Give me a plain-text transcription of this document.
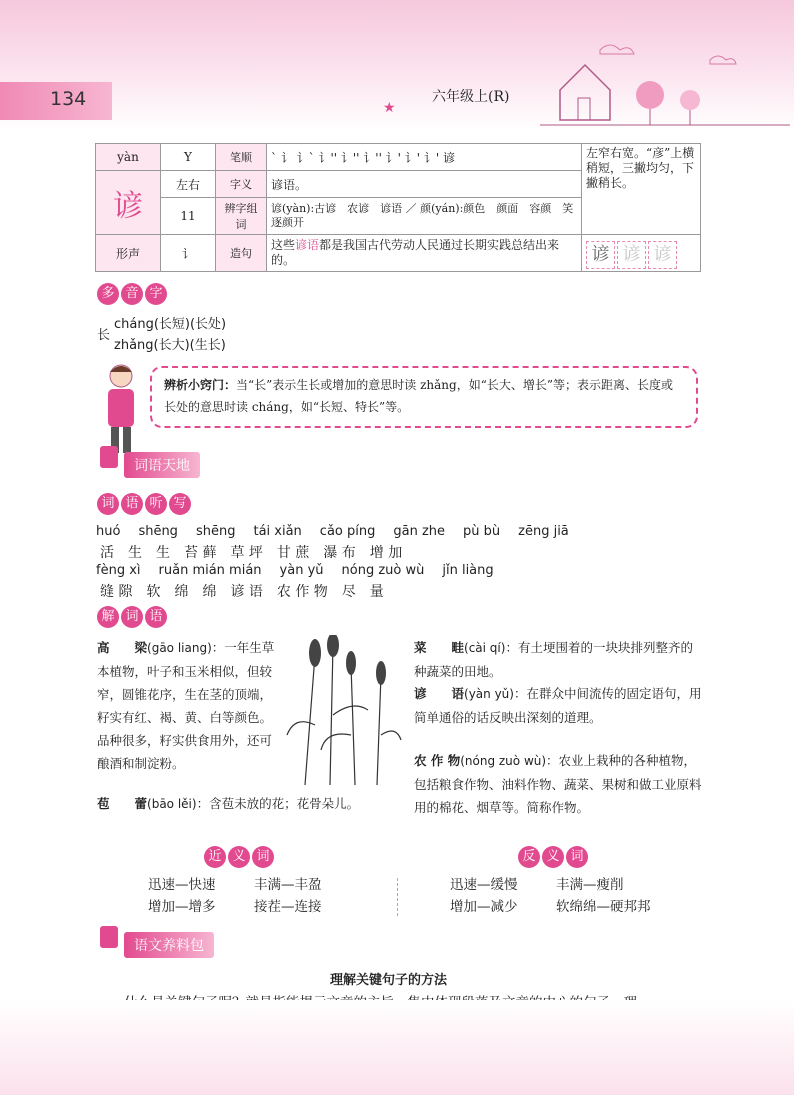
134	★
六年级上(R)
yàn	Y	笔顺	` 讠 讠` 讠'' 讠'' 讠'' 讠' 讠' 讠' 谚	左窄右宽。“彦”上横稍短，三撇均匀，下撇稍长。
谚	左右	字义	谚语。	
	11	辨字组词	谚(yàn):古谚　农谚　谚语 ／ 颜(yán):颜色　颜面　容颜　笑逐颜开	
形声	讠	造句	这些谚语都是我国古代劳动人民通过长期实践总结出来的。	谚 谚 谚
多 音 字
长
cháng(长短)(长处)
zhǎng(长大)(生长)
辨析小窍门：当“长”表示生长或增加的意思时读 zhǎng，如“长大、增长”等；表示距离、长度或长处的意思时读 cháng，如“长短、特长”等。
词语天地
词 语 听 写
huó shēng shēng tái xiǎn cǎo píng gān zhe pù bù zēng jiā
活　生　生　苔 藓　草 坪　甘 蔗　瀑 布　增 加
fèng xì ruǎn mián mián yàn yǔ nóng zuò wù jǐn liàng
缝 隙　软　绵　绵　谚 语　农 作 物　尽　量
解 词 语
高　　梁(gāo liang)：一年生草本植物，叶子和玉米相似，但较窄，圆锥花序，生在茎的顶端，籽实有红、褐、黄、白等颜色。品种很多，籽实供食用外，还可酿酒和制淀粉。
苞　　蕾(bāo lěi)：含苞未放的花；花骨朵儿。
菜　　畦(cài qí)：有土埂围着的一块块排列整齐的种蔬菜的田地。
谚　　语(yàn yǔ)：在群众中间流传的固定语句，用简单通俗的话反映出深刻的道理。
农 作 物(nóng zuò wù)：农业上栽种的各种植物，包括粮食作物、油料作物、蔬菜、果树和做工业原料用的棉花、烟草等。简称作物。
近 义 词
迅速—快速	丰满—丰盈
增加—增多	接茬—连接
反 义 词
迅速—缓慢	丰满—瘦削
增加—减少	软绵绵—硬邦邦
语文养料包
理解关键句子的方法
